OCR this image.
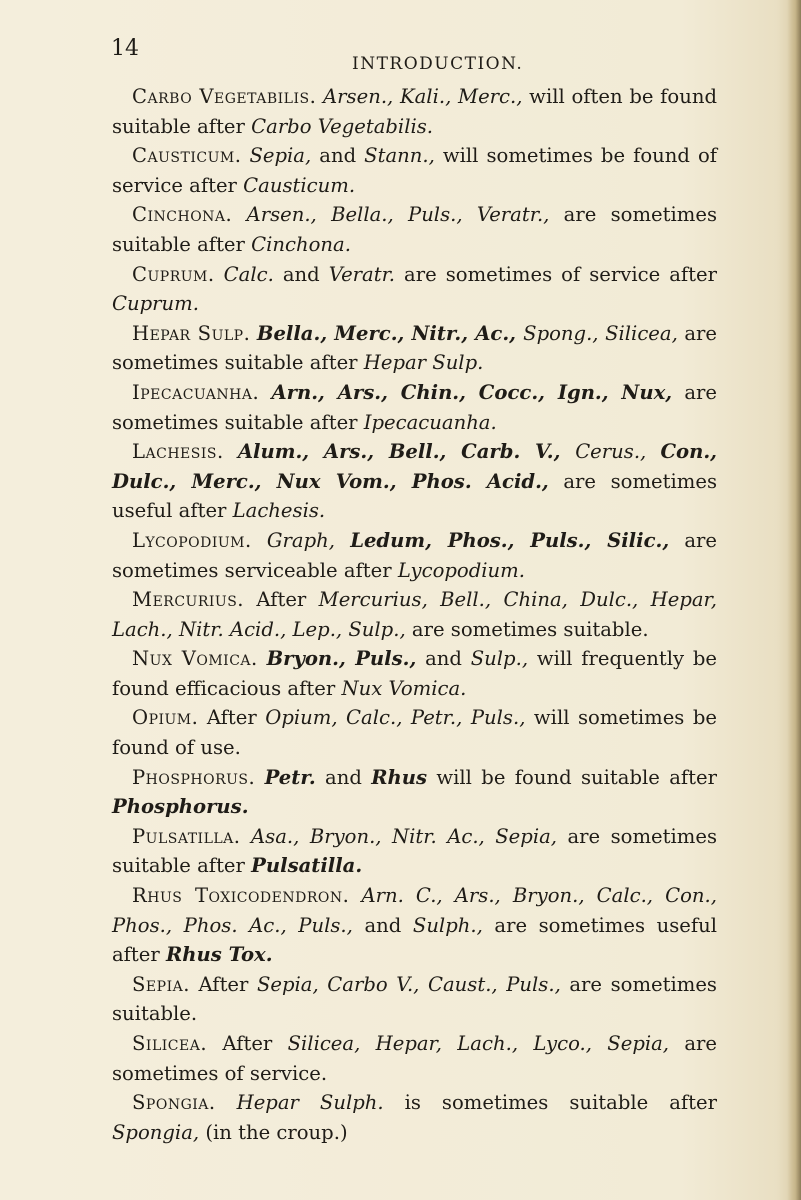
14
INTRODUCTION.

Carbo Vegetabilis. Arsen., Kali., Merc., will often be found suitable after Carbo Vegetabilis.

Causticum. Sepia, and Stann., will sometimes be found of service after Causticum.

Cinchona. Arsen., Bella., Puls., Veratr., are sometimes suitable after Cinchona.

Cuprum. Calc. and Veratr. are sometimes of service after Cuprum.

Hepar Sulp. Bella., Merc., Nitr., Ac., Spong., Silicea, are sometimes suitable after Hepar Sulp.

Ipecacuanha. Arn., Ars., Chin., Cocc., Ign., Nux, are sometimes suitable after Ipecacuanha.

Lachesis. Alum., Ars., Bell., Carb. V., Cerus., Con., Dulc., Merc., Nux Vom., Phos. Acid., are sometimes useful after Lachesis.

Lycopodium. Graph, Ledum, Phos., Puls., Silic., are sometimes serviceable after Lycopodium.

Mercurius. After Mercurius, Bell., China, Dulc., Hepar, Lach., Nitr. Acid., Lep., Sulp., are sometimes suitable.

Nux Vomica. Bryon., Puls., and Sulp., will frequently be found efficacious after Nux Vomica.

Opium. After Opium, Calc., Petr., Puls., will sometimes be found of use.

Phosphorus. Petr. and Rhus will be found suitable after Phosphorus.

Pulsatilla. Asa., Bryon., Nitr. Ac., Sepia, are sometimes suitable after Pulsatilla.

Rhus Toxicodendron. Arn. C., Ars., Bryon., Calc., Con., Phos., Phos. Ac., Puls., and Sulph., are sometimes useful after Rhus Tox.

Sepia. After Sepia, Carbo V., Caust., Puls., are sometimes suitable.

Silicea. After Silicea, Hepar, Lach., Lyco., Sepia, are sometimes of service.

Spongia. Hepar Sulph. is sometimes suitable after Spongia, (in the croup.)
